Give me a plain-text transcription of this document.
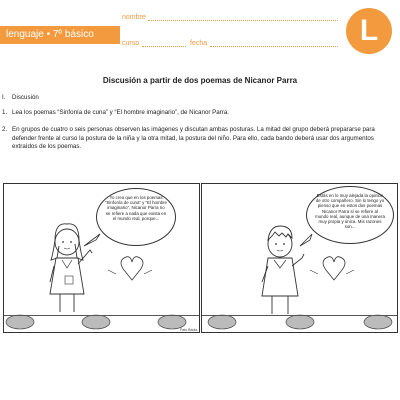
lenguaje • 7º básico
nombre
curso	fecha	L
Discusión a partir de dos poemas de Nicanor Parra
I. Discusión
1. Lea los poemas “Sinfonía de cuna” y “El hombre imaginario”, de Nicanor Parra.
2. En grupos de cuatro o seis personas observen las imágenes y discutan ambas posturas. La mitad del grupo deberá prepararse para defender frente al curso la postura de la niña y la otra mitad, la postura del niño. Para ello, cada bando deberá usar dos argumentos extraídos de los poemas.
Yo creo que en los poemas “Sinfonía de cuna” y “El hombre imaginario”, Nicanor Parra no se refiere a nada que exista en el mundo real, porque...
Pato Badía
Estás en lo muy alejada la opinión de otro compañero. Sin lo tengo yo pienso que en estos dos poemas Nicanor Parra sí se refiere al mundo real, aunque de una manera muy propia y única. Mis razones son...
